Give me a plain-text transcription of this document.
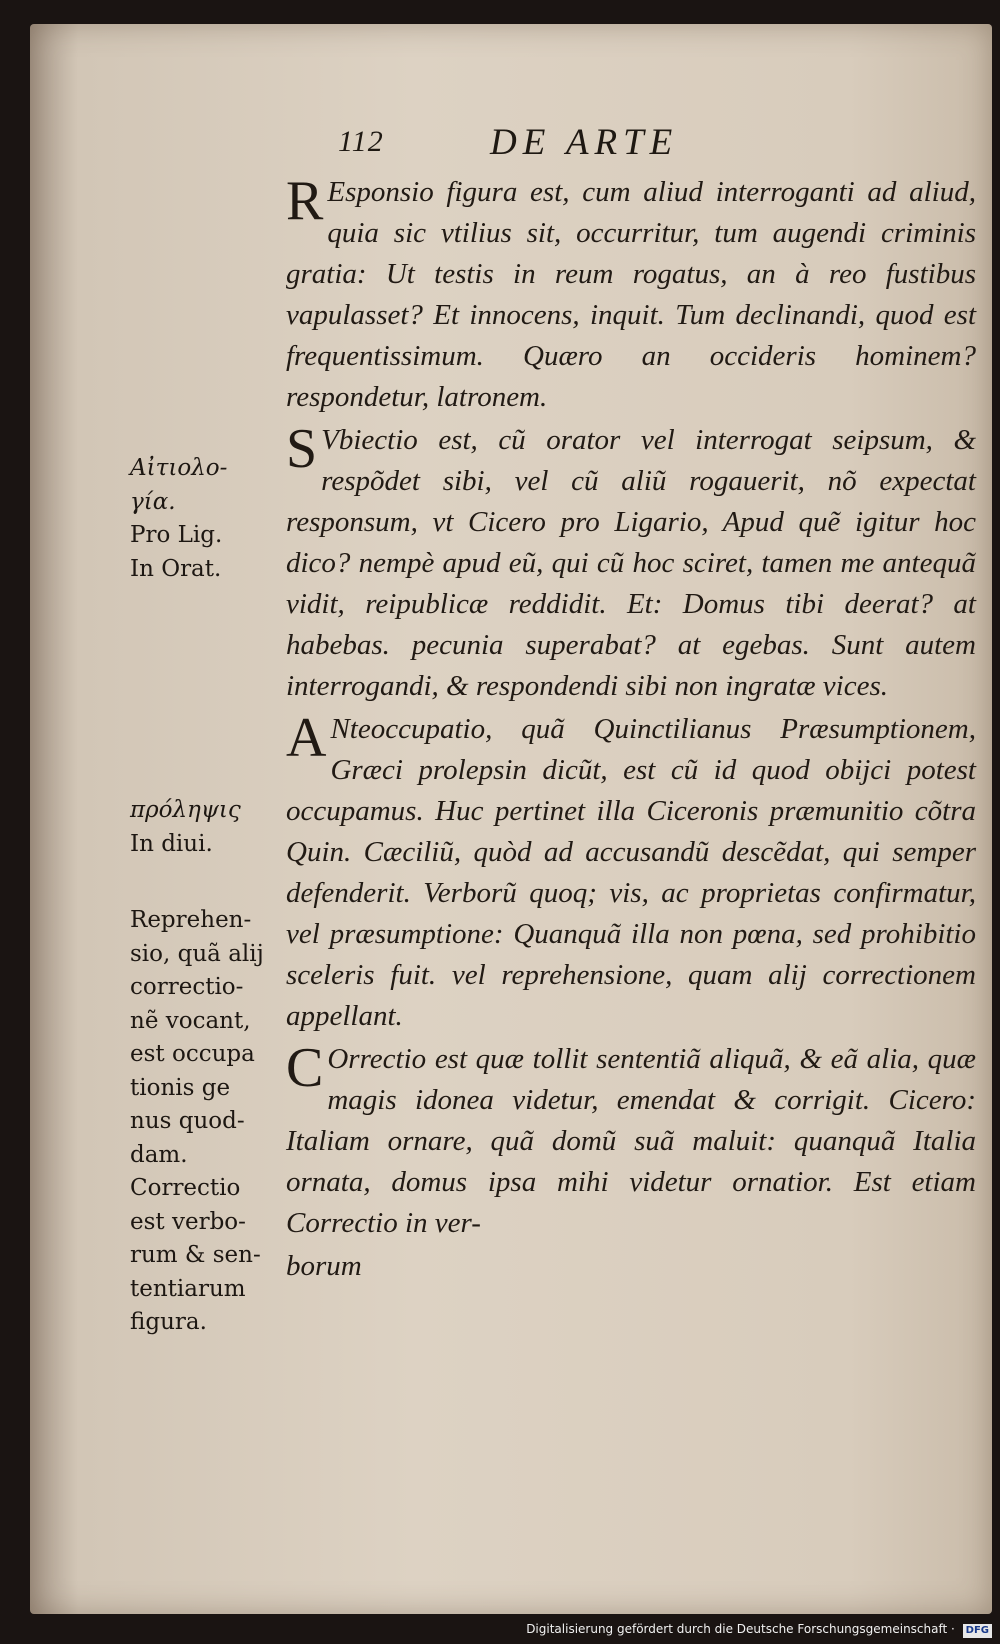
112	DE ARTE

R Esponsio figura est, cum aliud interroganti ad aliud, quia sic vtilius sit, occurritur, tum augendi criminis gratia: Ut testis in reum rogatus, an à reo fustibus vapulasset? Et innocens, inquit. Tum declinandi, quod est frequentissimum. Quæro an occideris hominem? respondetur, latronem.

S Vbiectio est, cũ orator vel interrogat seipsum, & respõdet sibi, vel cũ aliũ rogauerit, nõ expectat responsum, vt Cicero pro Ligario, Apud quẽ igitur hoc dico? nempè apud eũ, qui cũ hoc sciret, tamen me antequã vidit, reipublicæ reddidit. Et: Domus tibi deerat? at habebas. pecunia superabat? at egebas. Sunt autem interrogandi, & respondendi sibi non ingratæ vices.

A Nteoccupatio, quã Quinctilianus Præsumptionem, Græci prolepsin dicũt, est cũ id quod obijci potest occupamus. Huc pertinet illa Ciceronis præmunitio cõtra Quin. Cæciliũ, quòd ad accusandũ descẽdat, qui semper defenderit. Verborũ quoq; vis, ac proprietas confirmatur, vel præsumptione: Quanquã illa non pœna, sed prohibitio sceleris fuit. vel reprehensione, quam alij correctionem appellant.

C Orrectio est quæ tollit sententiã aliquã, & eã alia, quæ magis idonea videtur, emendat & corrigit. Cicero: Italiam ornare, quã domũ suã maluit: quanquã Italia ornata, domus ipsa mihi videtur ornatior. Est etiam Correctio in ver-

borum

Αἰτιολο-
γία.
Pro Lig.
In Orat.
πρόληψις
In diui.
Reprehen-
sio, quã alij
correctio-
nẽ vocant,
est occupa
tionis ge
nus quod-
dam.
Correctio
est verbo-
rum & sen-
tentiarum
figura.
Digitalisierung gefördert durch die Deutsche Forschungsgemeinschaft · DFG
